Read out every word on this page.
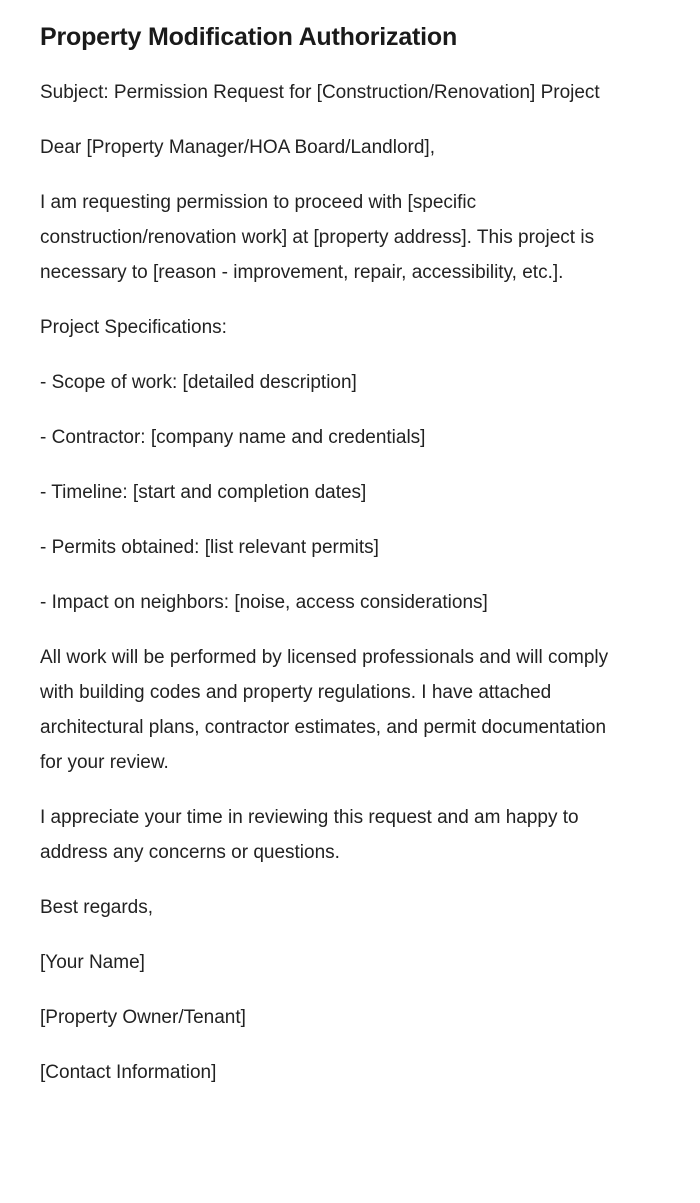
Property Modification Authorization

Subject: Permission Request for [Construction/Renovation] Project

Dear [Property Manager/HOA Board/Landlord],

I am requesting permission to proceed with [specific construction/renovation work] at [property address]. This project is necessary to [reason - improvement, repair, accessibility, etc.].

Project Specifications:

- Scope of work: [detailed description]

- Contractor: [company name and credentials]

- Timeline: [start and completion dates]

- Permits obtained: [list relevant permits]

- Impact on neighbors: [noise, access considerations]

All work will be performed by licensed professionals and will comply with building codes and property regulations. I have attached architectural plans, contractor estimates, and permit documentation for your review.

I appreciate your time in reviewing this request and am happy to address any concerns or questions.

Best regards,

[Your Name]

[Property Owner/Tenant]

[Contact Information]
